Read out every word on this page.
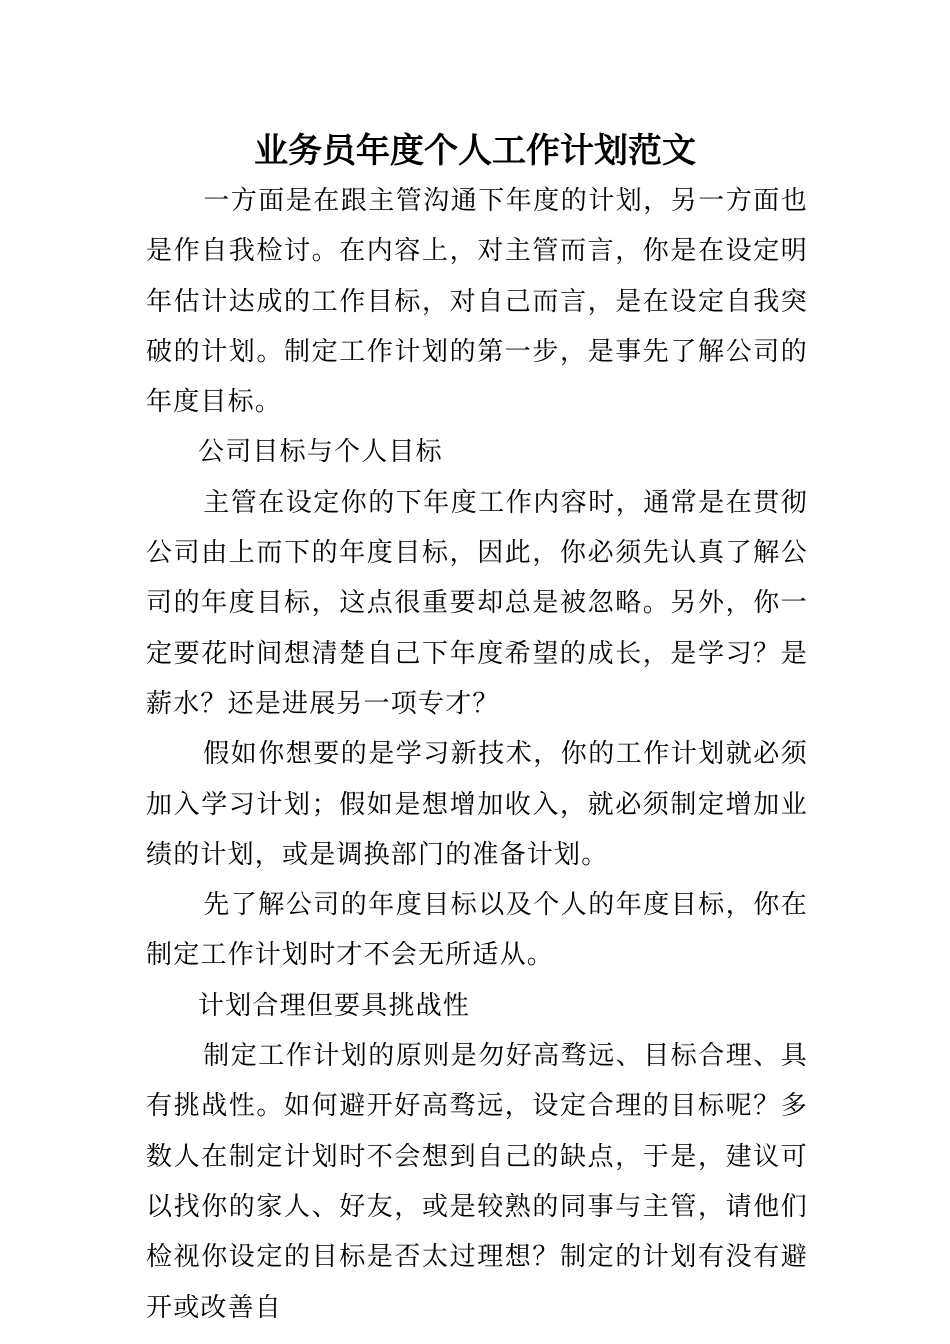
业务员年度个人工作计划范文

一方面是在跟主管沟通下年度的计划，另一方面也是作自我检讨。在内容上，对主管而言，你是在设定明年估计达成的工作目标，对自己而言，是在设定自我突破的计划。制定工作计划的第一步，是事先了解公司的年度目标。

公司目标与个人目标

主管在设定你的下年度工作内容时，通常是在贯彻公司由上而下的年度目标，因此，你必须先认真了解公司的年度目标，这点很重要却总是被忽略。另外，你一定要花时间想清楚自己下年度希望的成长，是学习？是薪水？还是进展另一项专才？

假如你想要的是学习新技术，你的工作计划就必须加入学习计划；假如是想增加收入，就必须制定增加业绩的计划，或是调换部门的准备计划。

先了解公司的年度目标以及个人的年度目标，你在制定工作计划时才不会无所适从。

计划合理但要具挑战性

制定工作计划的原则是勿好高骛远、目标合理、具有挑战性。如何避开好高骛远，设定合理的目标呢？多数人在制定计划时不会想到自己的缺点，于是，建议可以找你的家人、好友，或是较熟的同事与主管，请他们检视你设定的目标是否太过理想？制定的计划有没有避开或改善自
